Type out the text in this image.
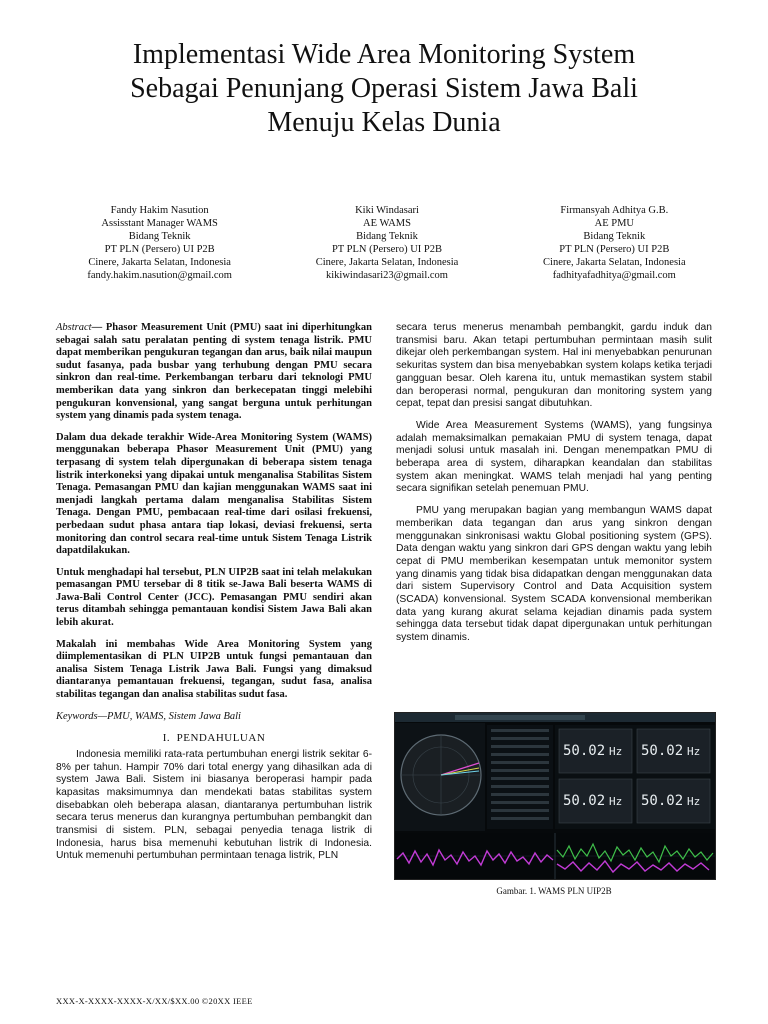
Implementasi Wide Area Monitoring System
Sebagai Penunjang Operasi Sistem Jawa Bali
Menuju Kelas Dunia
Fandy Hakim Nasution
Assisstant Manager WAMS
Bidang Teknik
PT PLN (Persero) UI P2B
Cinere, Jakarta Selatan, Indonesia
fandy.hakim.nasution@gmail.com
Kiki Windasari
AE WAMS
Bidang Teknik
PT PLN (Persero) UI P2B
Cinere, Jakarta Selatan, Indonesia
kikiwindasari23@gmail.com
Firmansyah Adhitya G.B.
AE PMU
Bidang Teknik
PT PLN (Persero) UI P2B
Cinere, Jakarta Selatan, Indonesia
fadhityafadhitya@gmail.com

Abstract— Phasor Measurement Unit (PMU) saat ini diperhitungkan sebagai salah satu peralatan penting di system tenaga listrik. PMU dapat memberikan pengukuran tegangan dan arus, baik nilai maupun sudut fasanya, pada busbar yang terhubung dengan PMU secara sinkron dan real-time. Perkembangan terbaru dari teknologi PMU memberikan data yang sinkron dan berkecepatan tinggi melebihi pengukuran konvensional, yang sangat berguna untuk perhitungan system yang dinamis pada system tenaga.

Dalam dua dekade terakhir Wide-Area Monitoring System (WAMS) menggunakan beberapa Phasor Measurement Unit (PMU) yang terpasang di system telah dipergunakan di beberapa sistem tenaga listrik interkoneksi yang dipakai untuk menganalisa Stabilitas Sistem Tenaga. Pemasangan PMU dan kajian menggunakan WAMS saat ini menjadi langkah pertama dalam menganalisa Stabilitas Sistem Tenaga. Dengan PMU, pembacaan real-time dari osilasi frekuensi, perbedaan sudut phasa antara tiap lokasi, deviasi frekuensi, serta monitoring dan control secara real-time untuk Sistem Tenaga Listrik dapatdilakukan.

Untuk menghadapi hal tersebut, PLN UIP2B saat ini telah melakukan pemasangan PMU tersebar di 8 titik se-Jawa Bali beserta WAMS di Jawa-Bali Control Center (JCC). Pemasangan PMU sendiri akan terus ditambah sehingga pemantauan kondisi Sistem Jawa Bali akan lebih akurat.

Makalah ini membahas Wide Area Monitoring System yang diimplementasikan di PLN UIP2B untuk fungsi pemantauan dan analisa Sistem Tenaga Listrik Jawa Bali. Fungsi yang dimaksud diantaranya pemantauan frekuensi, tegangan, sudut fasa, analisa stabilitas tegangan dan analisa stabilitas sudut fasa.

Keywords—PMU, WAMS, Sistem Jawa Bali

I. PENDAHULUAN

Indonesia memiliki rata-rata pertumbuhan energi listrik sekitar 6-8% per tahun. Hampir 70% dari total energy yang dihasilkan ada di system Jawa Bali. Sistem ini biasanya beroperasi hampir pada kapasitas maksimumnya dan mendekati batas stabilitas system disebabkan oleh beberapa alasan, diantaranya pertumbuhan listrik secara terus menerus dan kurangnya pertumbuhan pembangkit dan transmisi di sistem. PLN, sebagai penyedia tenaga listrik di Indonesia, harus bisa memenuhi kebutuhan listrik di Indonesia. Untuk memenuhi pertumbuhan permintaan tenaga listrik, PLN

secara terus menerus menambah pembangkit, gardu induk dan transmisi baru. Akan tetapi pertumbuhan permintaan masih sulit dikejar oleh perkembangan system. Hal ini menyebabkan penurunan sekuritas system dan bisa menyebabkan system kolaps ketika terjadi gangguan besar. Oleh karena itu, untuk memastikan system stabil dan beroperasi normal, pengukuran dan monitoring system yang cepat, tepat dan presisi sangat dibutuhkan.

Wide Area Measurement Systems (WAMS), yang fungsinya adalah memaksimalkan pemakaian PMU di system tenaga, dapat menjadi solusi untuk masalah ini. Dengan menempatkan PMU di beberapa area di system, diharapkan keandalan dan stabilitas system akan meningkat. WAMS telah menjadi hal yang penting secara signifikan setelah penemuan PMU.

PMU yang merupakan bagian yang membangun WAMS dapat memberikan data tegangan dan arus yang sinkron dengan menggunakan sinkronisasi waktu Global positioning system (GPS). Data dengan waktu yang sinkron dari GPS dengan waktu yang lebih cepat di PMU memberikan kesempatan untuk memonitor system yang dinamis yang tidak bisa didapatkan dengan menggunakan data dari sistem Supervisory Control and Data Acquisition system (SCADA) konvensional. System SCADA konvensional memberikan data yang kurang akurat selama kejadian dinamis pada system sehingga data tersebut tidak dapat dipergunakan untuk perhitungan system dinamis.

50.02 Hz 50.02 Hz
50.02 Hz 50.02 Hz
Gambar. 1. WAMS PLN UIP2B
XXX-X-XXXX-XXXX-X/XX/$XX.00 ©20XX IEEE
